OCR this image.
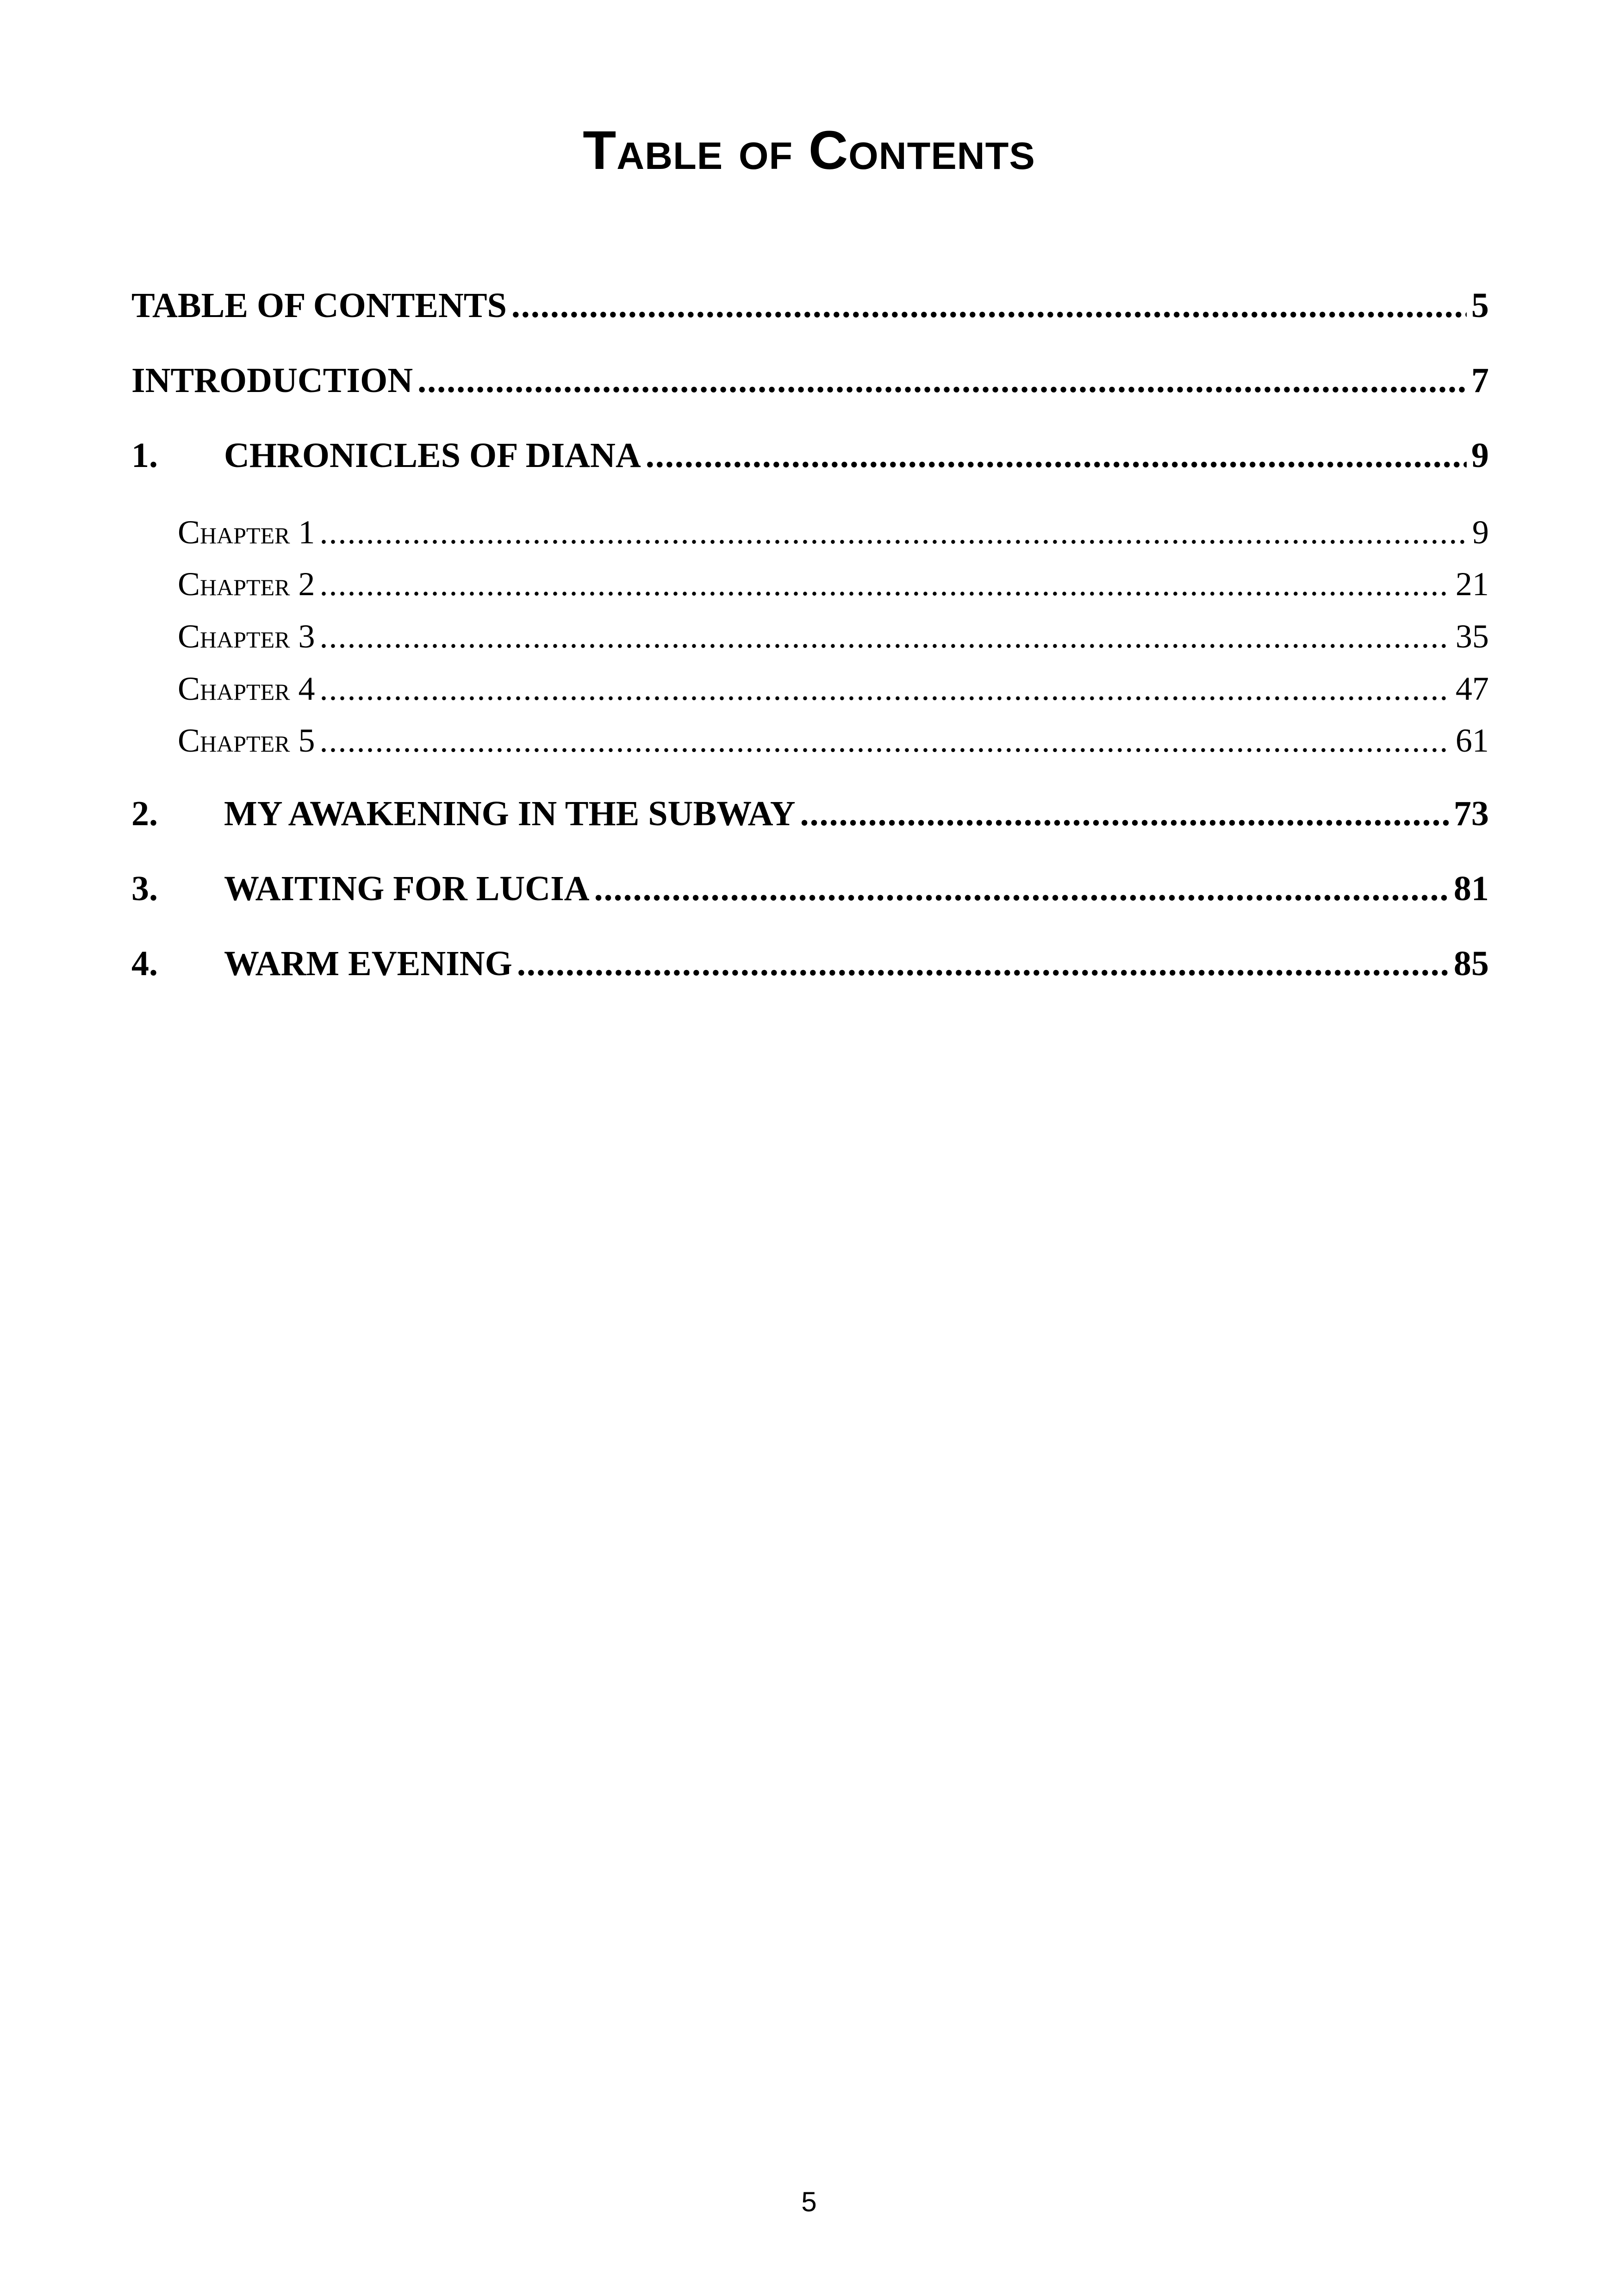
Table of Contents
TABLE OF CONTENTS .....	5
INTRODUCTION .....	7
1.	CHRONICLES OF DIANA .....	9
Chapter 1 .....	9
Chapter 2 .....	21
Chapter 3 .....	35
Chapter 4 .....	47
Chapter 5 .....	61
2.	MY AWAKENING IN THE SUBWAY .....	73
3.	WAITING FOR LUCIA .....	81
4.	WARM EVENING .....	85
5
